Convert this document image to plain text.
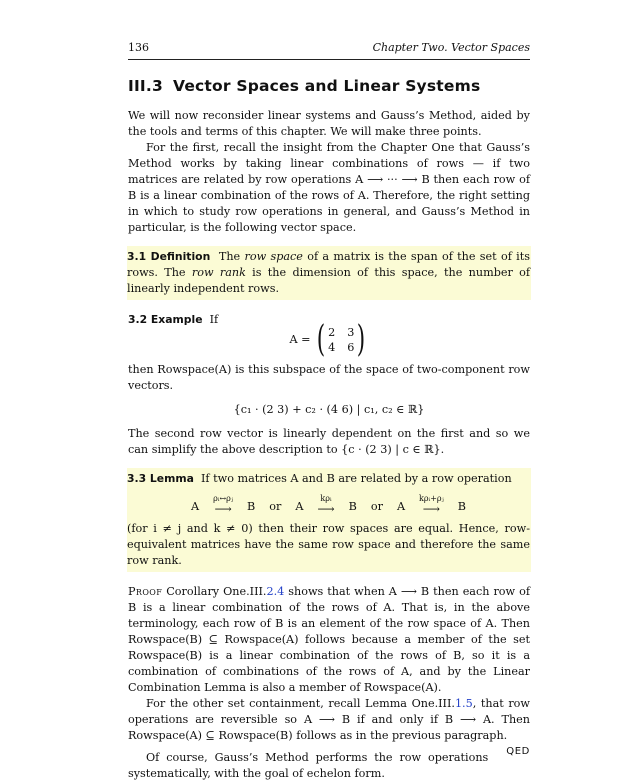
136	Chapter Two. Vector Spaces
III.3 Vector Spaces and Linear Systems

We will now reconsider linear systems and Gauss’s Method, aided by the tools and terms of this chapter. We will make three points.

For the first, recall the insight from the Chapter One that Gauss’s Method works by taking linear combinations of rows — if two matrices are related by row operations A ⟶ ··· ⟶ B then each row of B is a linear combination of the rows of A. Therefore, the right setting in which to study row operations in general, and Gauss’s Method in particular, is the following vector space.

3.1 Definition The row space of a matrix is the span of the set of its rows. The row rank is the dimension of this space, the number of linearly independent rows.

3.2 Example If

A = ( 2 3
4 6 )

then Rowspace(A) is this subspace of the space of two-component row vectors.

{c₁ · (2 3) + c₂ · (4 6) | c₁, c₂ ∈ ℝ}

The second row vector is linearly dependent on the first and so we can simplify the above description to {c · (2 3) | c ∈ ℝ}.

3.3 Lemma If two matrices A and B are related by a row operation

A
ρᵢ↔ρⱼ
⟶ B or A
kρᵢ
⟶ B or A
kρᵢ+ρⱼ
⟶ B

(for i ≠ j and k ≠ 0) then their row spaces are equal. Hence, row-equivalent matrices have the same row space and therefore the same row rank.

Proof Corollary One.III.2.4 shows that when A ⟶ B then each row of B is a linear combination of the rows of A. That is, in the above terminology, each row of B is an element of the row space of A. Then Rowspace(B) ⊆ Rowspace(A) follows because a member of the set Rowspace(B) is a linear combination of the rows of B, so it is a combination of combinations of the rows of A, and by the Linear Combination Lemma is also a member of Rowspace(A).

For the other set containment, recall Lemma One.III.1.5, that row operations are reversible so A ⟶ B if and only if B ⟶ A. Then Rowspace(A) ⊆ Rowspace(B) follows as in the previous paragraph.
QED

Of course, Gauss’s Method performs the row operations systematically, with the goal of echelon form.
